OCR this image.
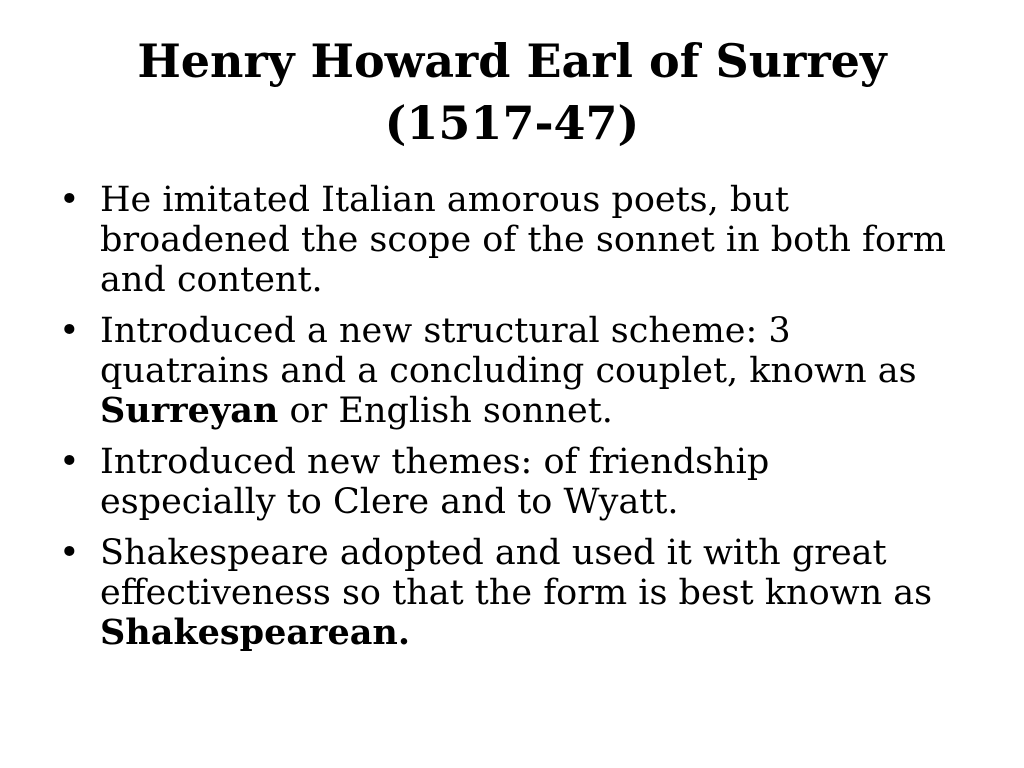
Henry Howard Earl of Surrey
(1517-47)
• He imitated Italian amorous poets, but broadened the scope of the sonnet in both form and content.
• Introduced a new structural scheme: 3 quatrains and a concluding couplet, known as Surreyan or English sonnet.
• Introduced new themes: of friendship especially to Clere and to Wyatt.
• Shakespeare adopted and used it with great effectiveness so that the form is best known as Shakespearean.
